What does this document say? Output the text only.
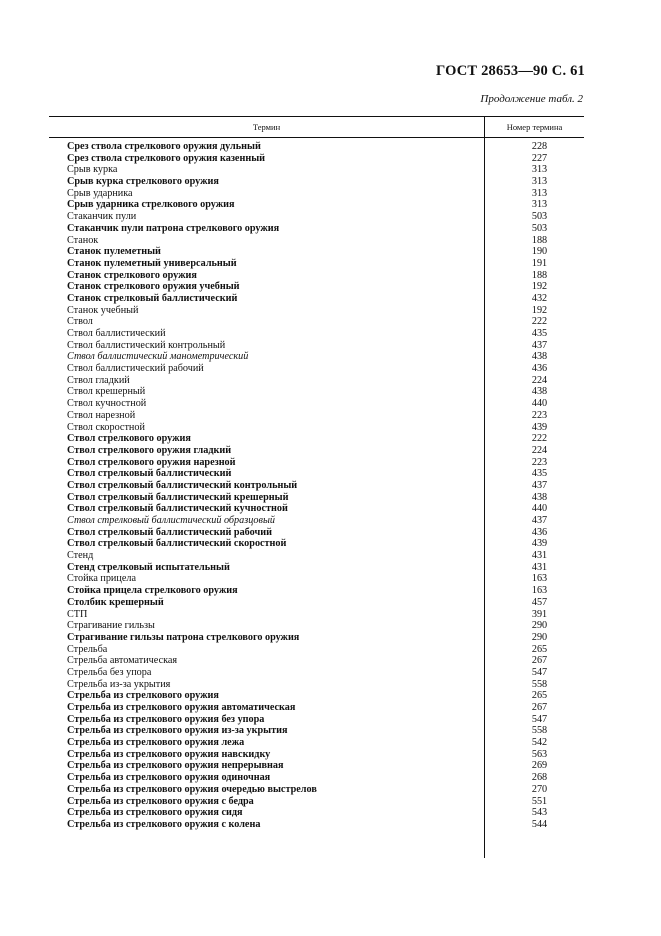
ГОСТ 28653—90 С. 61
Продолжение табл. 2
Термин	Номер термина
Срез ствола стрелкового оружия дульный	228
Срез ствола стрелкового оружия казенный	227
Срыв курка	313
Срыв курка стрелкового оружия	313
Срыв ударника	313
Срыв ударника стрелкового оружия	313
Стаканчик пули	503
Стаканчик пули патрона стрелкового оружия	503
Станок	188
Станок пулеметный	190
Станок пулеметный универсальный	191
Станок стрелкового оружия	188
Станок стрелкового оружия учебный	192
Станок стрелковый баллистический	432
Станок учебный	192
Ствол	222
Ствол баллистический	435
Ствол баллистический контрольный	437
Ствол баллистический манометрический	438
Ствол баллистический рабочий	436
Ствол гладкий	224
Ствол крешерный	438
Ствол кучностной	440
Ствол нарезной	223
Ствол скоростной	439
Ствол стрелкового оружия	222
Ствол стрелкового оружия гладкий	224
Ствол стрелкового оружия нарезной	223
Ствол стрелковый баллистический	435
Ствол стрелковый баллистический контрольный	437
Ствол стрелковый баллистический крешерный	438
Ствол стрелковый баллистический кучностной	440
Ствол стрелковый баллистический образцовый	437
Ствол стрелковый баллистический рабочий	436
Ствол стрелковый баллистический скоростной	439
Стенд	431
Стенд стрелковый испытательный	431
Стойка прицела	163
Стойка прицела стрелкового оружия	163
Столбик крешерный	457
СТП	391
Страгивание гильзы	290
Страгивание гильзы патрона стрелкового оружия	290
Стрельба	265
Стрельба автоматическая	267
Стрельба без упора	547
Стрельба из-за укрытия	558
Стрельба из стрелкового оружия	265
Стрельба из стрелкового оружия автоматическая	267
Стрельба из стрелкового оружия без упора	547
Стрельба из стрелкового оружия из-за укрытия	558
Стрельба из стрелкового оружия лежа	542
Стрельба из стрелкового оружия навскидку	563
Стрельба из стрелкового оружия непрерывная	269
Стрельба из стрелкового оружия одиночная	268
Стрельба из стрелкового оружия очередью выстрелов	270
Стрельба из стрелкового оружия с бедра	551
Стрельба из стрелкового оружия сидя	543
Стрельба из стрелкового оружия с колена	544
